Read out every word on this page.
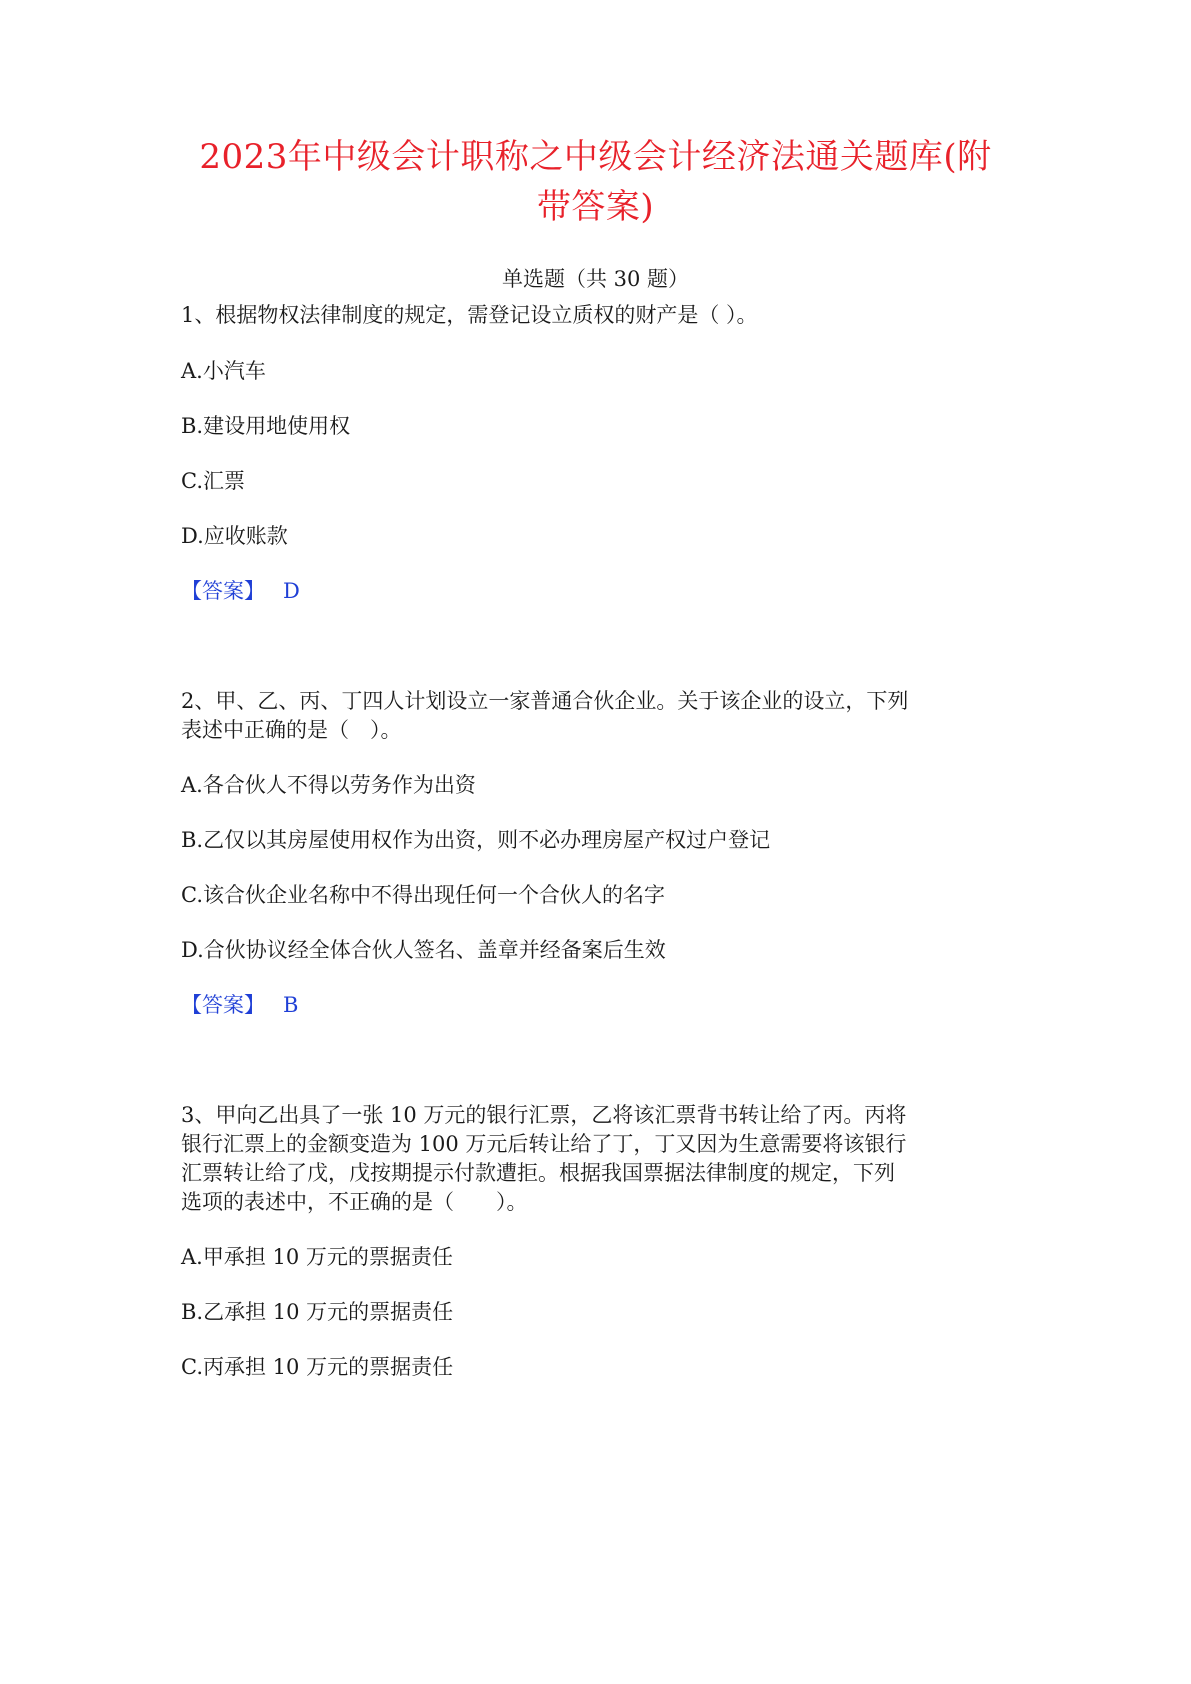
2023年中级会计职称之中级会计经济法通关题库(附
带答案)
单选题（共 30 题）
1、根据物权法律制度的规定，需登记设立质权的财产是（ ）。
A.小汽车
B.建设用地使用权
C.汇票
D.应收账款
【答案】 D
2、甲、乙、丙、丁四人计划设立一家普通合伙企业。关于该企业的设立，下列
表述中正确的是（　）。
A.各合伙人不得以劳务作为出资
B.乙仅以其房屋使用权作为出资，则不必办理房屋产权过户登记
C.该合伙企业名称中不得出现任何一个合伙人的名字
D.合伙协议经全体合伙人签名、盖章并经备案后生效
【答案】 B
3、甲向乙出具了一张 10 万元的银行汇票，乙将该汇票背书转让给了丙。丙将
银行汇票上的金额变造为 100 万元后转让给了丁，丁又因为生意需要将该银行
汇票转让给了戊，戊按期提示付款遭拒。根据我国票据法律制度的规定，下列
选项的表述中，不正确的是（　　）。
A.甲承担 10 万元的票据责任
B.乙承担 10 万元的票据责任
C.丙承担 10 万元的票据责任
